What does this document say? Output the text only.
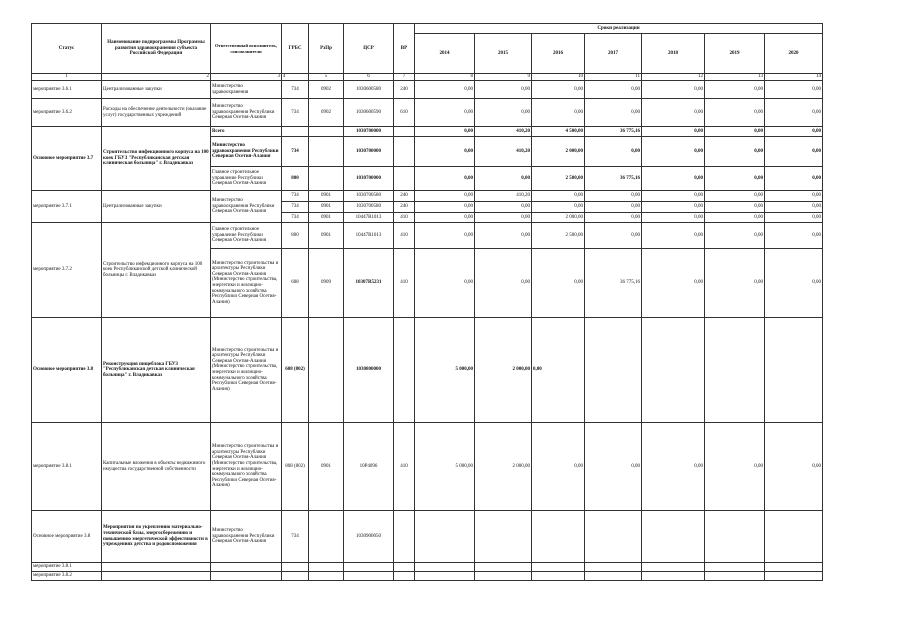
Статус	Наименование подпрограммы Программы развития здравоохранения субъекта Российской Федерации	Ответственный исполнитель, соисполнители	ГРБС	РзПр	ЦСР	ВР	Сроки реализации						
							2014	2015	2016	2017	2018	2019	2020
1	2	3	4	5	6	7	8	9	10	11	12	13	14
мероприятие 3.6.1	Централизованные закупки	Министерство здравоохранения	734	0902	1030600580	240	0,00	0,00	0,00	0,00	0,00	0,00	0,00
мероприятие 3.6.2	Расходы на обеспечение деятельности (оказание услуг) государственных учреждений	Министерство здравоохранения Республики Северная Осетия-Алания	734	0902	1030600590	610	0,00	0,00	0,00	0,00	0,00	0,00	0,00
Основное мероприятие 3.7	Строительство инфекционного корпуса на 100 коек ГБУЗ "Республиканская детская клиническая больница" г. Владикавказ	Всего			1030700000		0,00	410,20	4 500,00	36 775,16	0,00	0,00	0,00
		Министерство здравоохранения Республики Северная Осетия-Алания	734		1030700000		0,00	410,20	2 000,00	0,00	0,00	0,00	0,00
		Главное строительное управление Республики Северная Осетия-Алания	800		1030700000		0,00	0,00	2 500,00	36 775,16	0,00	0,00	0,00
мероприятие 3.7.1	Централизованные закупки	Министерство здравоохранения Республики Северная Осетия-Алания	734	0901	1030700580	240	0,00	410,20	0,00	0,00	0,00	0,00	0,00
			734	0901	1030700580	240	0,00	0,00	0,00	0,00	0,00	0,00	0,00
			734	0901	10447R1013	410	0,00	0,00	2 000,00	0,00	0,00	0,00	0,00
мероприятие 3.7.2	Строительство инфекционного корпуса на 100 коек Республиканской детской клинической больницы г. Владикавказ	Главное строительное управление Республики Северная Осетия-Алания	800	0901	10447R1013	410	0,00	0,00	2 500,00	0,00	0,00	0,00	0,00
		Министерство строительства и архитектуры Республики Северная Осетия-Алания (Министерство строительства, энергетики и жилищно-коммунального хозяйства Республики Северная Осетия-Алания)	608	0909	10307R5231	410	0,00	0,00	0,00	36 775,16	0,00	0,00	0,00
Основное мероприятие 3.8	Реконструкция пищеблока ГБУЗ "Республиканская детская клиническая больница" г. Владикавказ	Министерство строительства и архитектуры Республики Северная Осетия-Алания (Министерство строительства, энергетики и жилищно-коммунального хозяйства Республики Северная Осетия-Алания)	608 (802)		1030800000		5 000,00	2 000,00	0,00				
мероприятие 3.8.1	Капитальные вложения в объекты недвижимого имущества государственной собственности	Министерство строительства и архитектуры Республики Северная Осетия-Алания (Министерство строительства, энергетики и жилищно-коммунального хозяйства Республики Северная Осетия-Алания)	808 (802)	0901	10Р4096	410	5 000,00	2 000,00	0,00	0,00	0,00	0,00	0,00
Основное мероприятие 3.8	Мероприятия по укреплению материально-технической базы, энергосбережению и повышению энергетической эффективности в учреждениях детства и родовспоможения	Министерство здравоохранения Республики Северная Осетия-Алания	734		1030900050								
мероприятие 3.8.1													
мероприятие 3.8.2													
